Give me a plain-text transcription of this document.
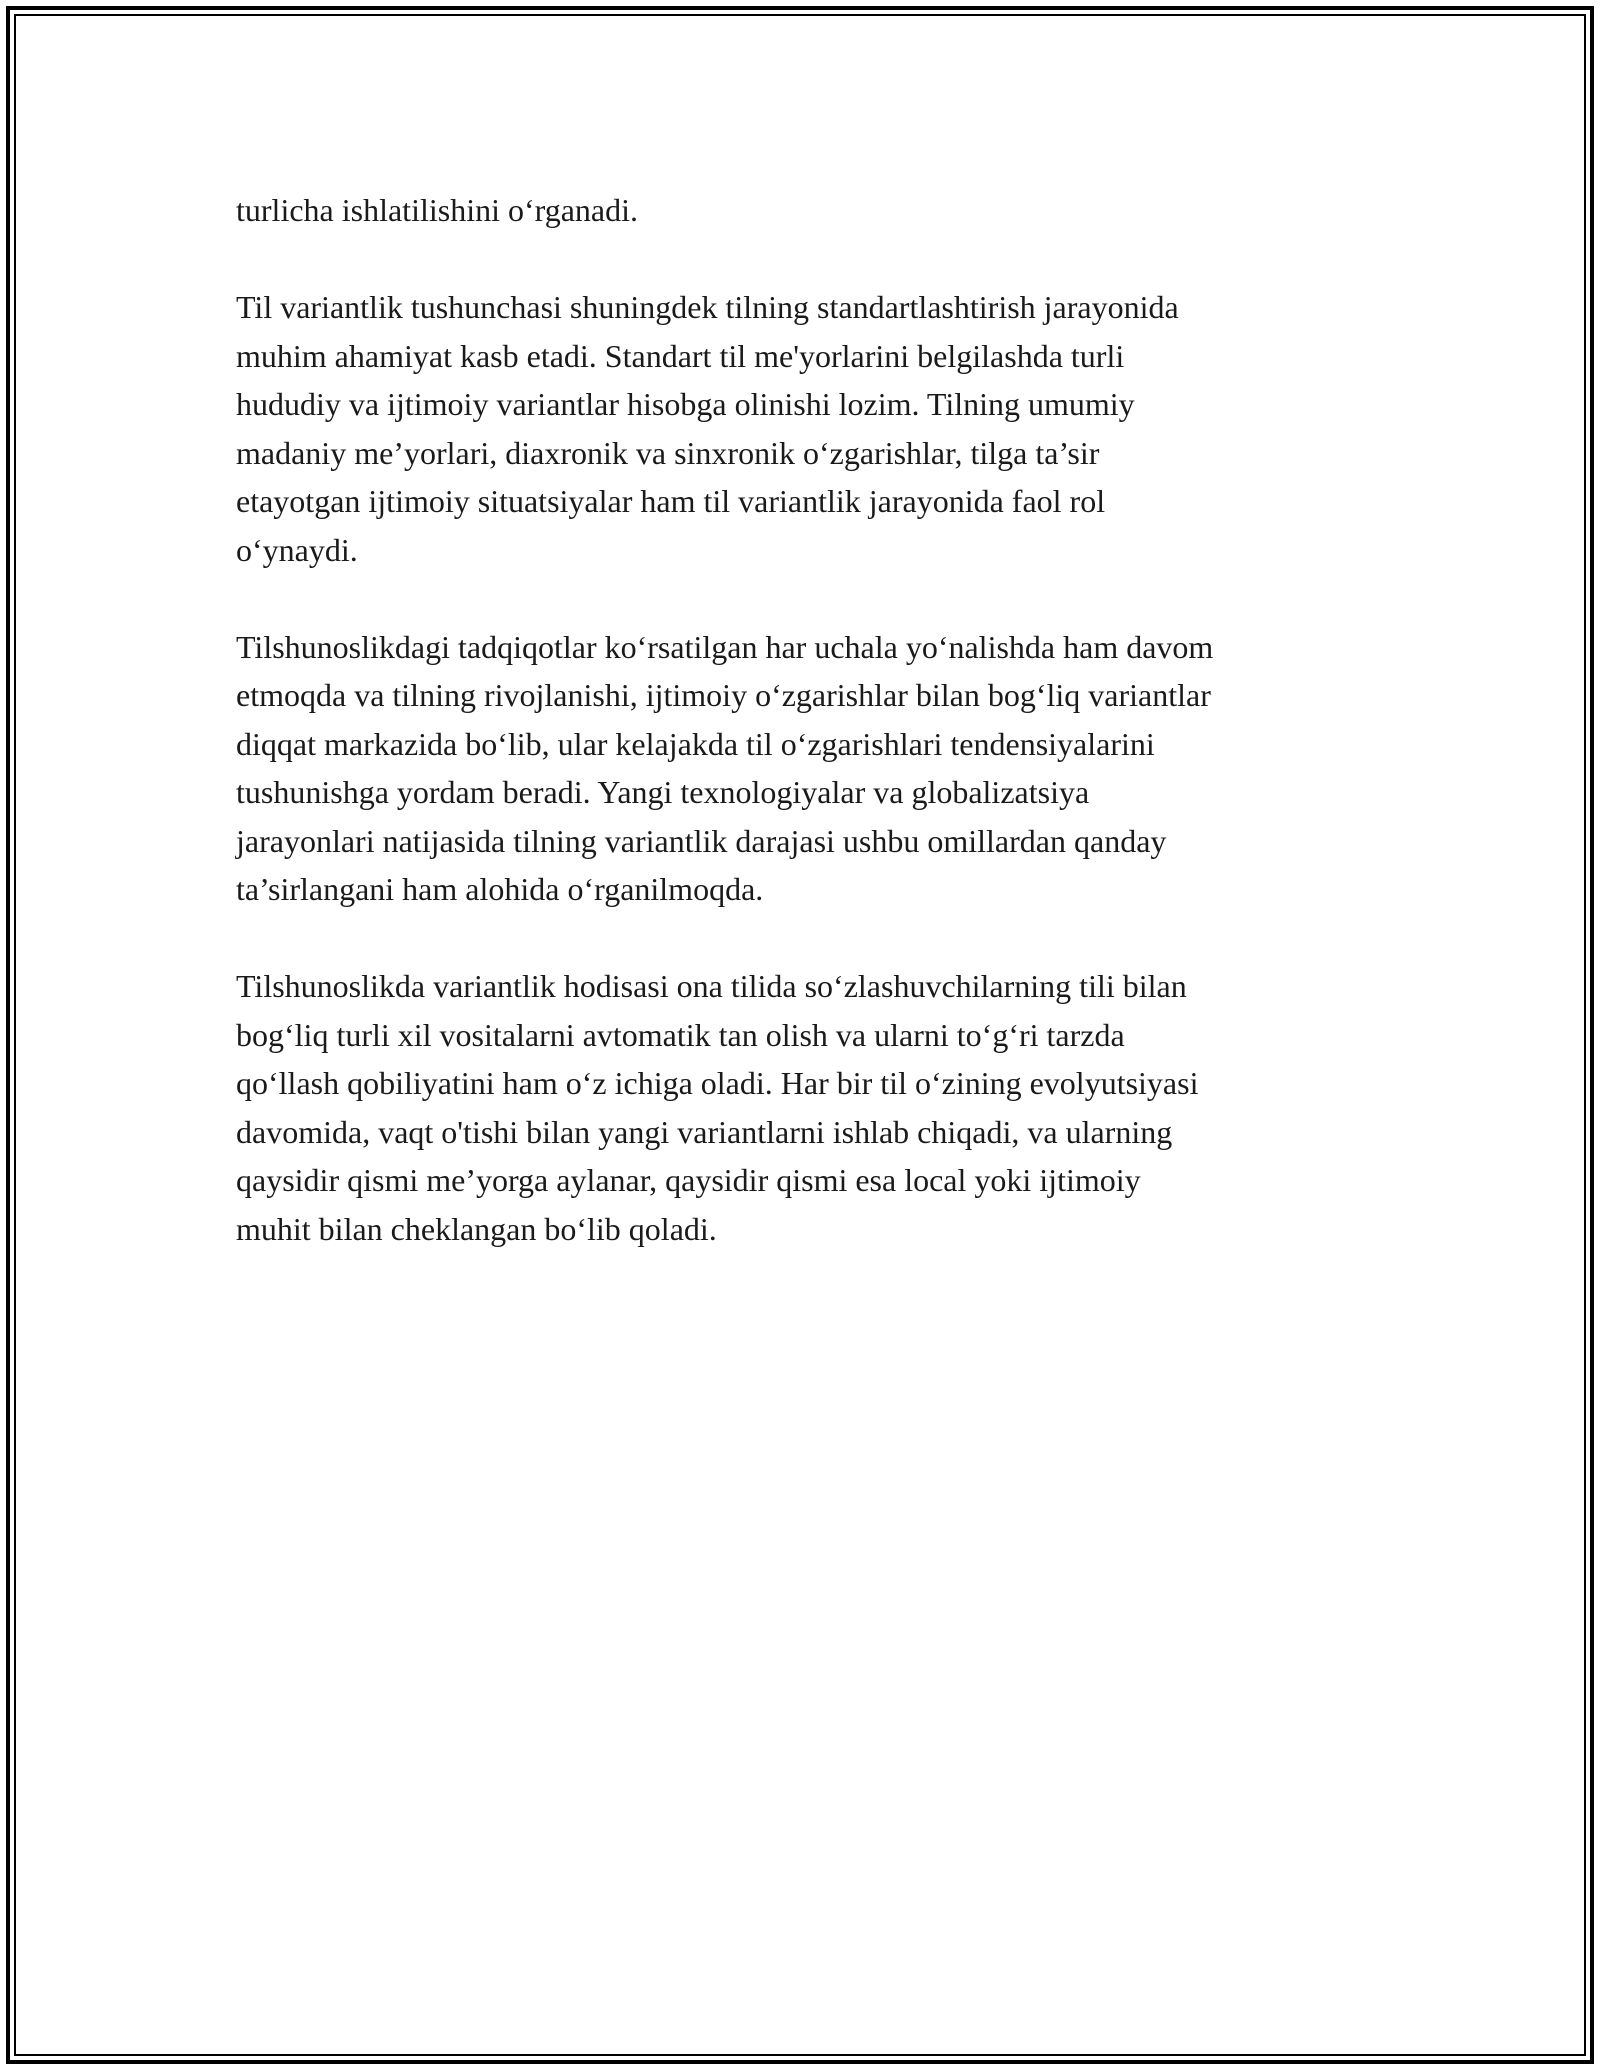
turlicha ishlatilishini o‘rganadi.

Til variantlik tushunchasi shuningdek tilning standartlashtirish jarayonida
muhim ahamiyat kasb etadi. Standart til me'yorlarini belgilashda turli
hududiy va ijtimoiy variantlar hisobga olinishi lozim. Tilning umumiy
madaniy me’yorlari, diaxronik va sinxronik o‘zgarishlar, tilga ta’sir
etayotgan ijtimoiy situatsiyalar ham til variantlik jarayonida faol rol
o‘ynaydi.

Tilshunoslikdagi tadqiqotlar ko‘rsatilgan har uchala yo‘nalishda ham davom
etmoqda va tilning rivojlanishi, ijtimoiy o‘zgarishlar bilan bog‘liq variantlar
diqqat markazida bo‘lib, ular kelajakda til o‘zgarishlari tendensiyalarini
tushunishga yordam beradi. Yangi texnologiyalar va globalizatsiya
jarayonlari natijasida tilning variantlik darajasi ushbu omillardan qanday
ta’sirlangani ham alohida o‘rganilmoqda.

Tilshunoslikda variantlik hodisasi ona tilida so‘zlashuvchilarning tili bilan
bog‘liq turli xil vositalarni avtomatik tan olish va ularni to‘g‘ri tarzda
qo‘llash qobiliyatini ham o‘z ichiga oladi. Har bir til o‘zining evolyutsiyasi
davomida, vaqt o'tishi bilan yangi variantlarni ishlab chiqadi, va ularning
qaysidir qismi me’yorga aylanar, qaysidir qismi esa local yoki ijtimoiy
muhit bilan cheklangan bo‘lib qoladi.
